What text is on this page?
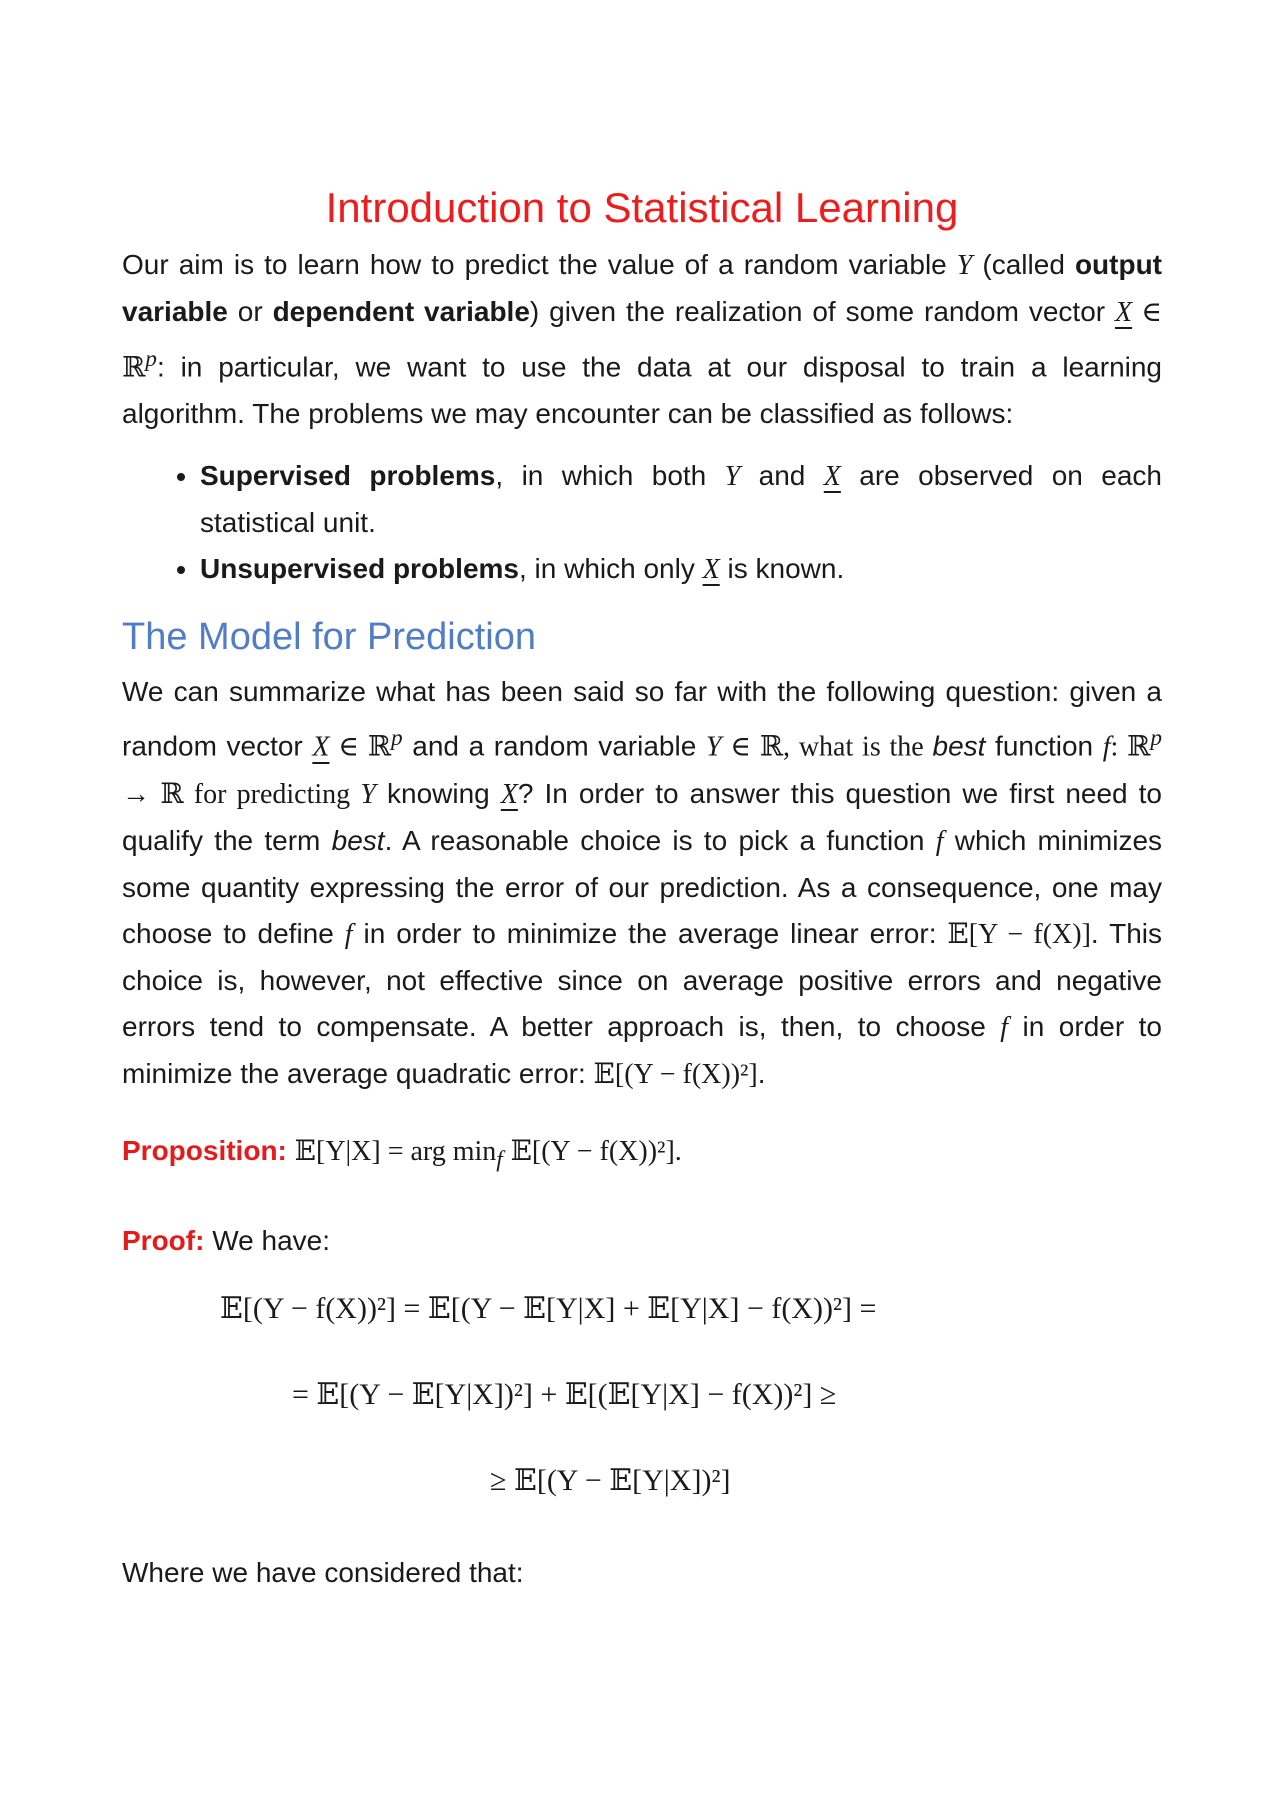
Introduction to Statistical Learning

Our aim is to learn how to predict the value of a random variable Y (called output variable or dependent variable) given the realization of some random vector X ∈ ℝ$^p$: in particular, we want to use the data at our disposal to train a learning algorithm. The problems we may encounter can be classified as follows:

• Supervised problems, in which both Y and X are observed on each statistical unit.
• Unsupervised problems, in which only X is known.
The Model for Prediction

We can summarize what has been said so far with the following question: given a random vector X ∈ ℝ$^p$ and a random variable Y ∈ ℝ, what is the best function f: ℝ$^p$ → ℝ for predicting Y knowing X? In order to answer this question we first need to qualify the term best. A reasonable choice is to pick a function f which minimizes some quantity expressing the error of our prediction. As a consequence, one may choose to define f in order to minimize the average linear error: 𝔼[Y − f(X)]. This choice is, however, not effective since on average positive errors and negative errors tend to compensate. A better approach is, then, to choose f in order to minimize the average quadratic error: 𝔼[(Y − f(X))²].

Proposition: 𝔼[Y|X] = arg $\min_f$ 𝔼[(Y − f(X))²].

Proof: We have:

𝔼[(Y − f(X))²] = 𝔼[(Y − 𝔼[Y|X] + 𝔼[Y|X] − f(X))²] =

= 𝔼[(Y − 𝔼[Y|X])²] + 𝔼[(𝔼[Y|X] − f(X))²] ≥

≥ 𝔼[(Y − 𝔼[Y|X])²]

Where we have considered that:
